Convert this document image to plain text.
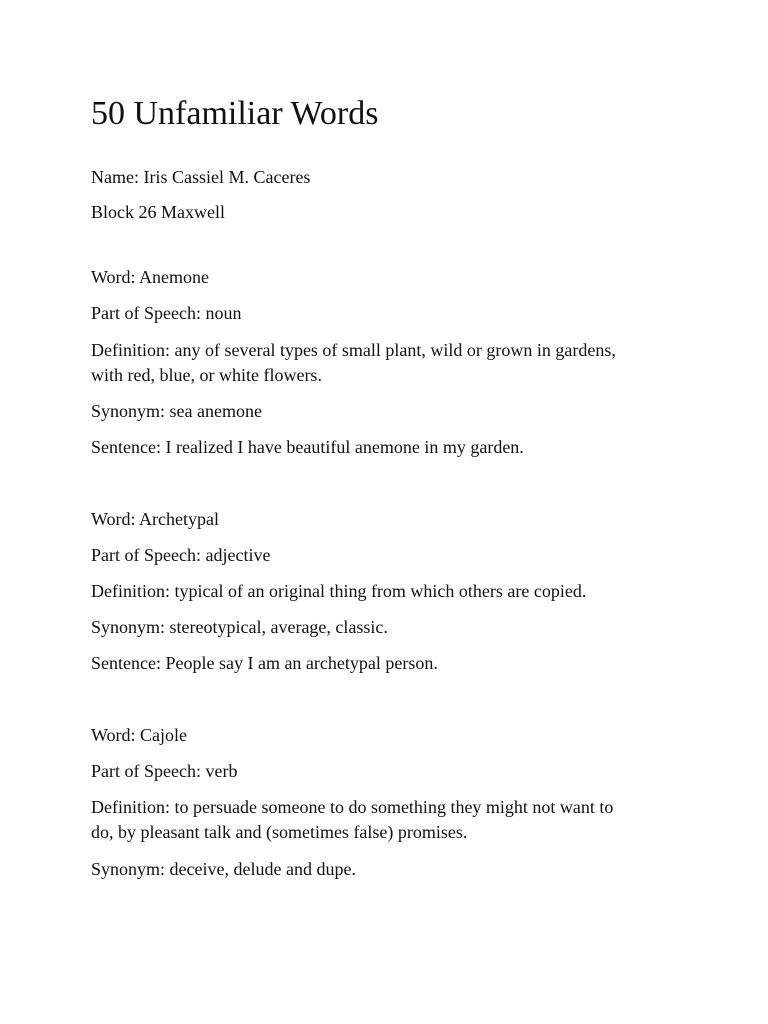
50 Unfamiliar Words
Name: Iris Cassiel M. Caceres
Block 26 Maxwell
Word: Anemone
Part of Speech: noun
Definition: any of several types of small plant, wild or grown in gardens,
with red, blue, or white flowers.
Synonym: sea anemone
Sentence: I realized I have beautiful anemone in my garden.
Word: Archetypal
Part of Speech: adjective
Definition: typical of an original thing from which others are copied.
Synonym: stereotypical, average, classic.
Sentence: People say I am an archetypal person.
Word: Cajole
Part of Speech: verb
Definition: to persuade someone to do something they might not want to
do, by pleasant talk and (sometimes false) promises.
Synonym: deceive, delude and dupe.
